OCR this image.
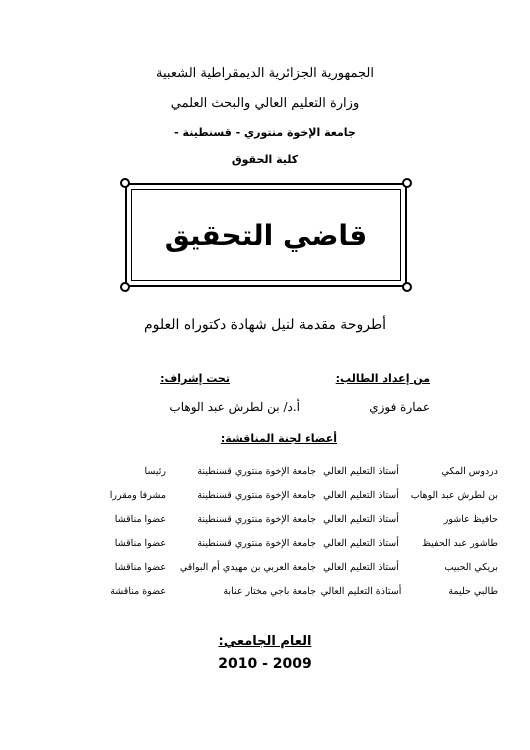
الجمهورية الجزائرية الديمقراطية الشعبية
وزارة التعليم العالي والبحث العلمي
جامعة الإخوة منتوري - قسنطينة -
كلية الحقوق
قاضي التحقيق
أطروحة مقدمة لنيل شهادة دكتوراه العلوم
من إعداد الطالب:
عمارة فوزي
تحت إشراف:
أ.د/ بن لطرش عبد الوهاب
أعضاء لجنة المناقشة:
دردوس المكي	أستاذ التعليم العالي	جامعة الإخوة منتوري قسنطينة	رئيسا
بن لطرش عبد الوهاب	أستاذ التعليم العالي	جامعة الإخوة منتوري قسنطينة	مشرفا ومقررا
حافيظ عاشور	أستاذ التعليم العالي	جامعة الإخوة منتوري قسنطينة	عضوا مناقشا
طاشور عبد الحفيظ	أستاذ التعليم العالي	جامعة الإخوة منتوري قسنطينة	عضوا مناقشا
بريكي الحبيب	أستاذ التعليم العالي	جامعة العربي بن مهيدي أم البواقي	عضوا مناقشا
طالبي حليمة	أستاذة التعليم العالي	جامعة باجي مختار عنابة	عضوة مناقشة
العام الجامعي:
2010 - 2009
